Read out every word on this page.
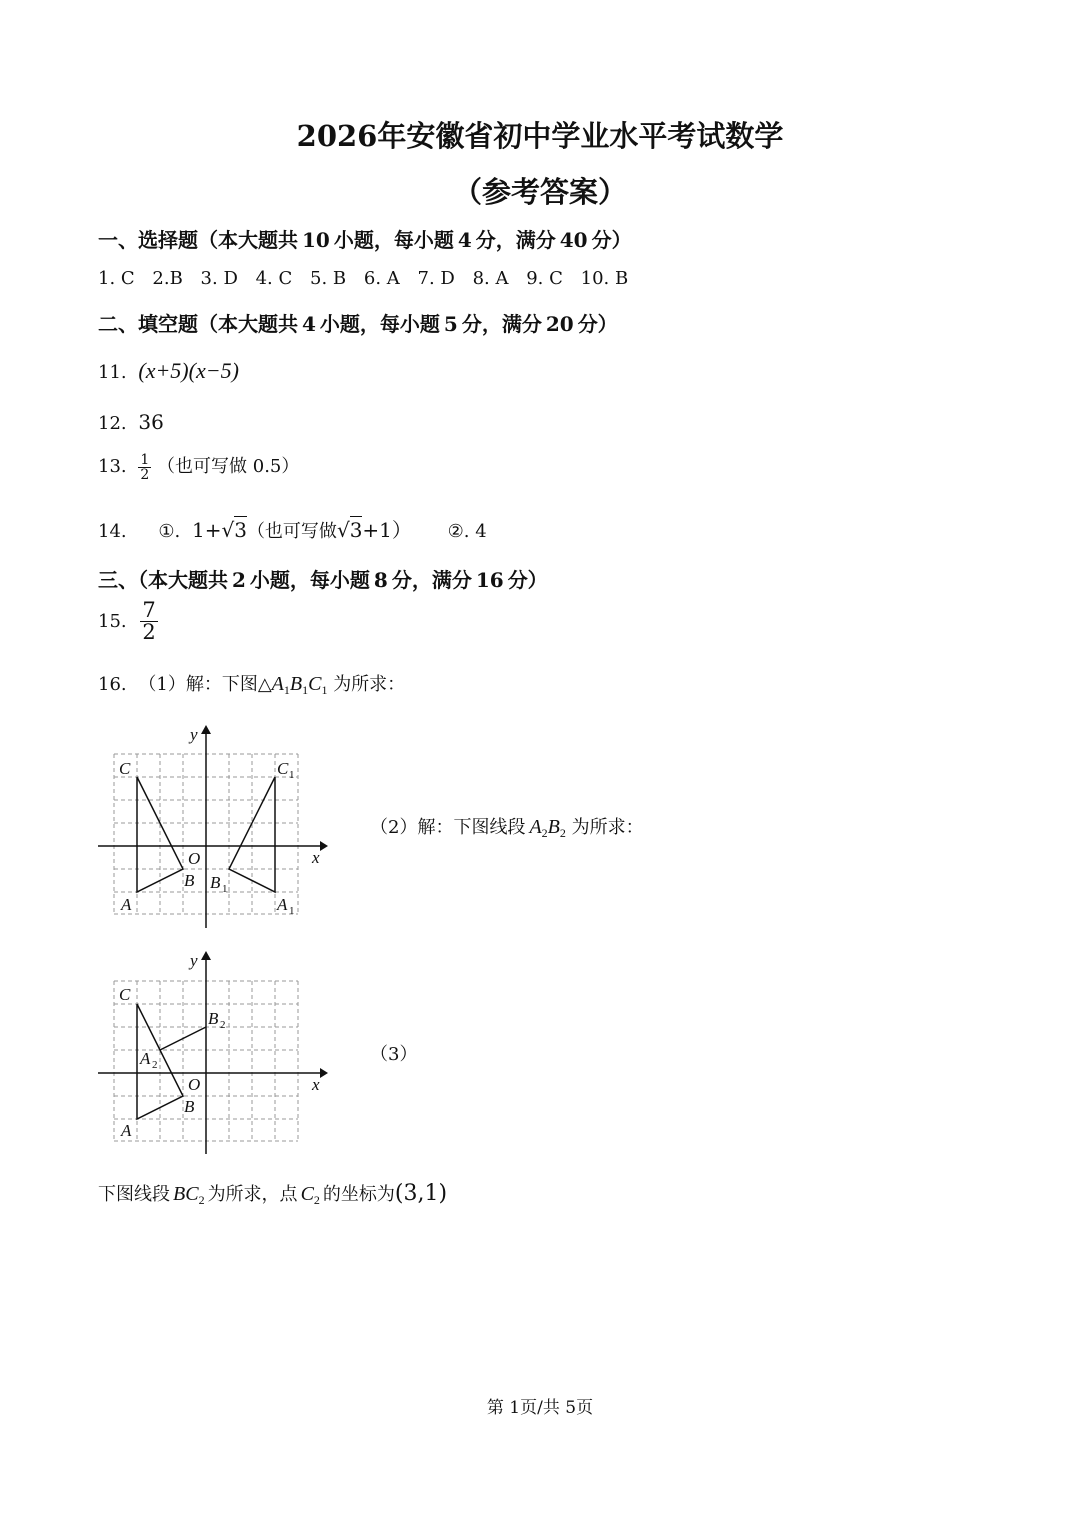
2026年安徽省初中学业水平考试数学
（参考答案）
一、选择题（本大题共 10 小题，每小题 4 分，满分 40 分）
1. C 2.B 3. D 4. C 5. B 6. A 7. D 8. A 9. C 10. B
二、填空题（本大题共 4 小题，每小题 5 分，满分 20 分）
11. (x+5)(x−5)
12. 36
13. $\frac{1}{2}$ （也可写做 0.5）
14. ①. 1+√3（也可写做√3+1） ②. 4
三、（本大题共 2 小题，每小题 8 分，满分 16 分）
15. $\frac{7}{2}$
16. （1）解：下图$\triangle A_1B_1C_1$ 为所求：
y
x
O
C
B
A
C 1
B 1
A 1
（2）解：下图线段 $A_2B_2$ 为所求：
y
x
O
C
B
A
B 2
A 2	（3）
下图线段 $BC_2$ 为所求，点 $C_2$ 的坐标为(3,1)
第 1页/共 5页
